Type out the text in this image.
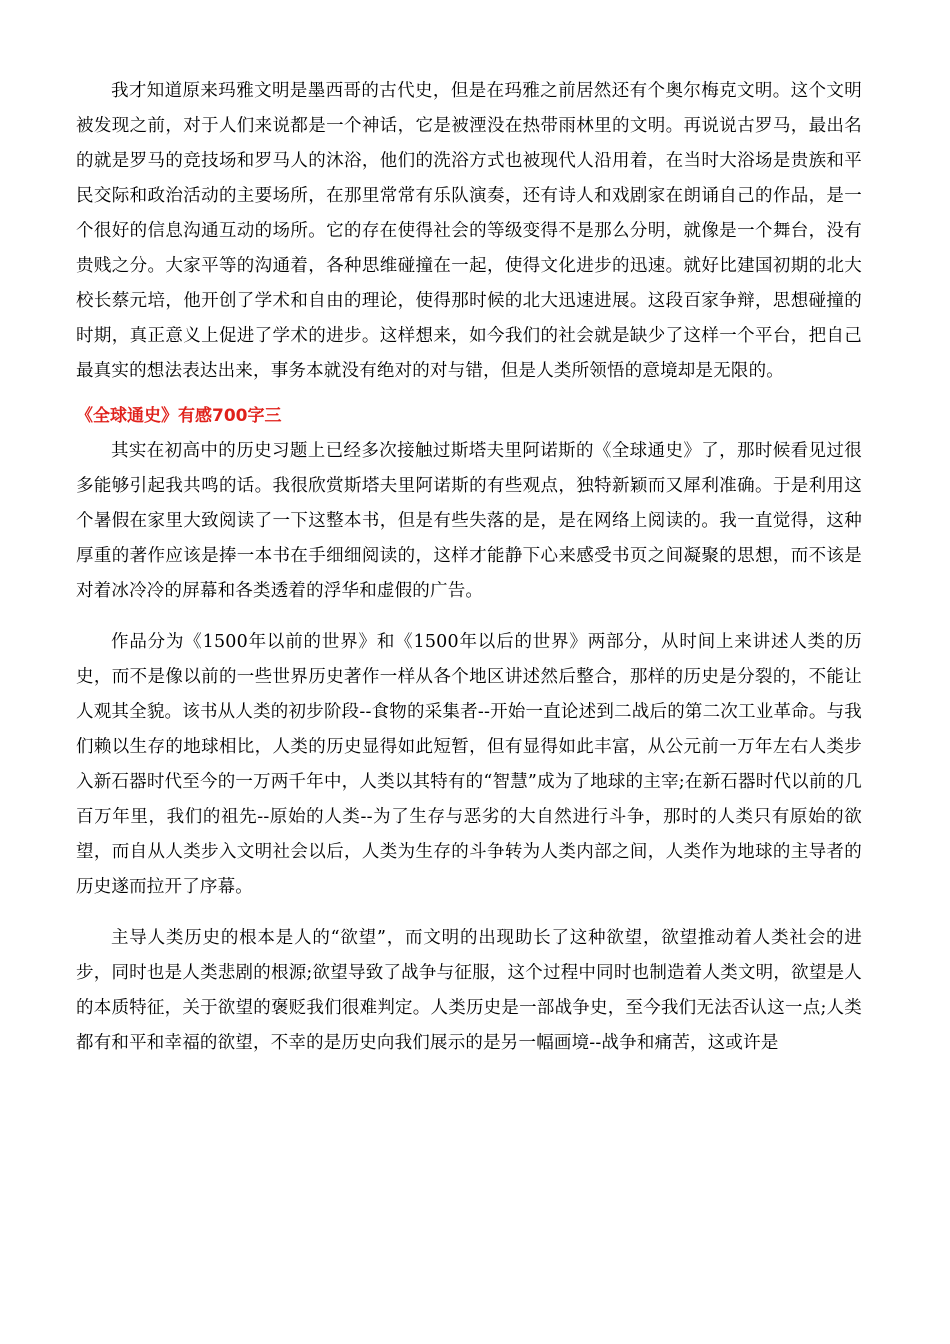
我才知道原来玛雅文明是墨西哥的古代史，但是在玛雅之前居然还有个奥尔梅克文明。这个文明被发现之前，对于人们来说都是一个神话，它是被湮没在热带雨林里的文明。再说说古罗马，最出名的就是罗马的竞技场和罗马人的沐浴，他们的洗浴方式也被现代人沿用着，在当时大浴场是贵族和平民交际和政治活动的主要场所，在那里常常有乐队演奏，还有诗人和戏剧家在朗诵自己的作品，是一个很好的信息沟通互动的场所。它的存在使得社会的等级变得不是那么分明，就像是一个舞台，没有贵贱之分。大家平等的沟通着，各种思维碰撞在一起，使得文化进步的迅速。就好比建国初期的北大校长蔡元培，他开创了学术和自由的理论，使得那时候的北大迅速进展。这段百家争辩，思想碰撞的时期，真正意义上促进了学术的进步。这样想来，如今我们的社会就是缺少了这样一个平台，把自己最真实的想法表达出来，事务本就没有绝对的对与错，但是人类所领悟的意境却是无限的。

《全球通史》有感700字三

其实在初高中的历史习题上已经多次接触过斯塔夫里阿诺斯的《全球通史》了，那时候看见过很多能够引起我共鸣的话。我很欣赏斯塔夫里阿诺斯的有些观点，独特新颖而又犀利准确。于是利用这个暑假在家里大致阅读了一下这整本书，但是有些失落的是，是在网络上阅读的。我一直觉得，这种厚重的著作应该是捧一本书在手细细阅读的，这样才能静下心来感受书页之间凝聚的思想，而不该是对着冰冷冷的屏幕和各类透着的浮华和虚假的广告。

作品分为《1500年以前的世界》和《1500年以后的世界》两部分，从时间上来讲述人类的历史，而不是像以前的一些世界历史著作一样从各个地区讲述然后整合，那样的历史是分裂的，不能让人观其全貌。该书从人类的初步阶段--食物的采集者--开始一直论述到二战后的第二次工业革命。与我们赖以生存的地球相比，人类的历史显得如此短暂，但有显得如此丰富，从公元前一万年左右人类步入新石器时代至今的一万两千年中，人类以其特有的“智慧”成为了地球的主宰;在新石器时代以前的几百万年里，我们的祖先--原始的人类--为了生存与恶劣的大自然进行斗争，那时的人类只有原始的欲望，而自从人类步入文明社会以后，人类为生存的斗争转为人类内部之间，人类作为地球的主导者的历史遂而拉开了序幕。

主导人类历史的根本是人的“欲望”，而文明的出现助长了这种欲望，欲望推动着人类社会的进步，同时也是人类悲剧的根源;欲望导致了战争与征服，这个过程中同时也制造着人类文明，欲望是人的本质特征，关于欲望的褒贬我们很难判定。人类历史是一部战争史，至今我们无法否认这一点;人类都有和平和幸福的欲望，不幸的是历史向我们展示的是另一幅画境--战争和痛苦，这或许是
